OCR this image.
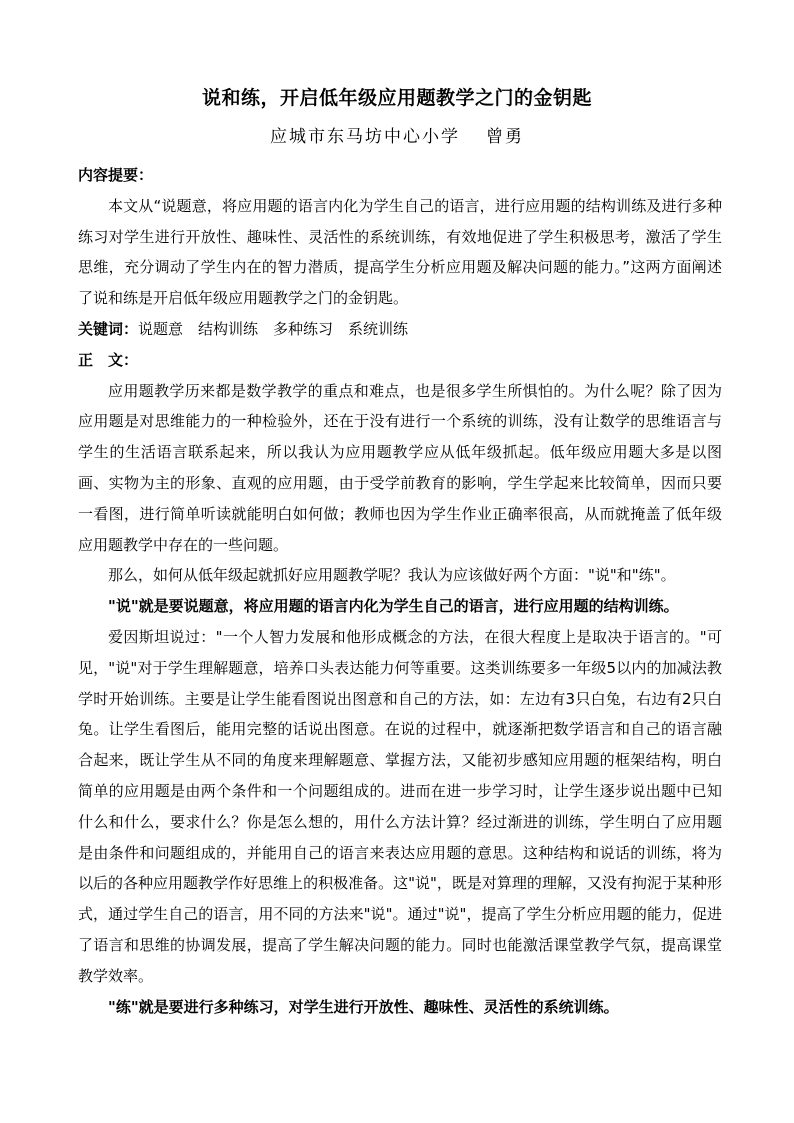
说和练，开启低年级应用题教学之门的金钥匙
应城市东马坊中心小学 曾勇

内容提要：

本文从“说题意，将应用题的语言内化为学生自己的语言，进行应用题的结构训练及进行多种练习对学生进行开放性、趣味性、灵活性的系统训练，有效地促进了学生积极思考，激活了学生思维，充分调动了学生内在的智力潜质，提高学生分析应用题及解决问题的能力。”这两方面阐述了说和练是开启低年级应用题教学之门的金钥匙。

关键词：说题意　结构训练　多种练习　系统训练

正　文：

应用题教学历来都是数学教学的重点和难点，也是很多学生所惧怕的。为什么呢？除了因为应用题是对思维能力的一种检验外，还在于没有进行一个系统的训练，没有让数学的思维语言与学生的生活语言联系起来，所以我认为应用题教学应从低年级抓起。低年级应用题大多是以图画、实物为主的形象、直观的应用题，由于受学前教育的影响，学生学起来比较简单，因而只要一看图，进行简单听读就能明白如何做；教师也因为学生作业正确率很高，从而就掩盖了低年级应用题教学中存在的一些问题。

那么，如何从低年级起就抓好应用题教学呢？我认为应该做好两个方面："说"和"练"。

"说"就是要说题意，将应用题的语言内化为学生自己的语言，进行应用题的结构训练。

爱因斯坦说过："一个人智力发展和他形成概念的方法，在很大程度上是取决于语言的。"可见，"说"对于学生理解题意，培养口头表达能力何等重要。这类训练要多一年级5以内的加减法教学时开始训练。主要是让学生能看图说出图意和自己的方法，如：左边有3只白兔，右边有2只白兔。让学生看图后，能用完整的话说出图意。在说的过程中，就逐渐把数学语言和自己的语言融合起来，既让学生从不同的角度来理解题意、掌握方法，又能初步感知应用题的框架结构，明白简单的应用题是由两个条件和一个问题组成的。进而在进一步学习时，让学生逐步说出题中已知什么和什么，要求什么？你是怎么想的，用什么方法计算？经过渐进的训练，学生明白了应用题是由条件和问题组成的，并能用自己的语言来表达应用题的意思。这种结构和说话的训练，将为以后的各种应用题教学作好思维上的积极准备。这"说"，既是对算理的理解，又没有拘泥于某种形式，通过学生自己的语言，用不同的方法来"说"。通过"说"，提高了学生分析应用题的能力，促进了语言和思维的协调发展，提高了学生解决问题的能力。同时也能激活课堂教学气氛，提高课堂教学效率。

"练"就是要进行多种练习，对学生进行开放性、趣味性、灵活性的系统训练。
